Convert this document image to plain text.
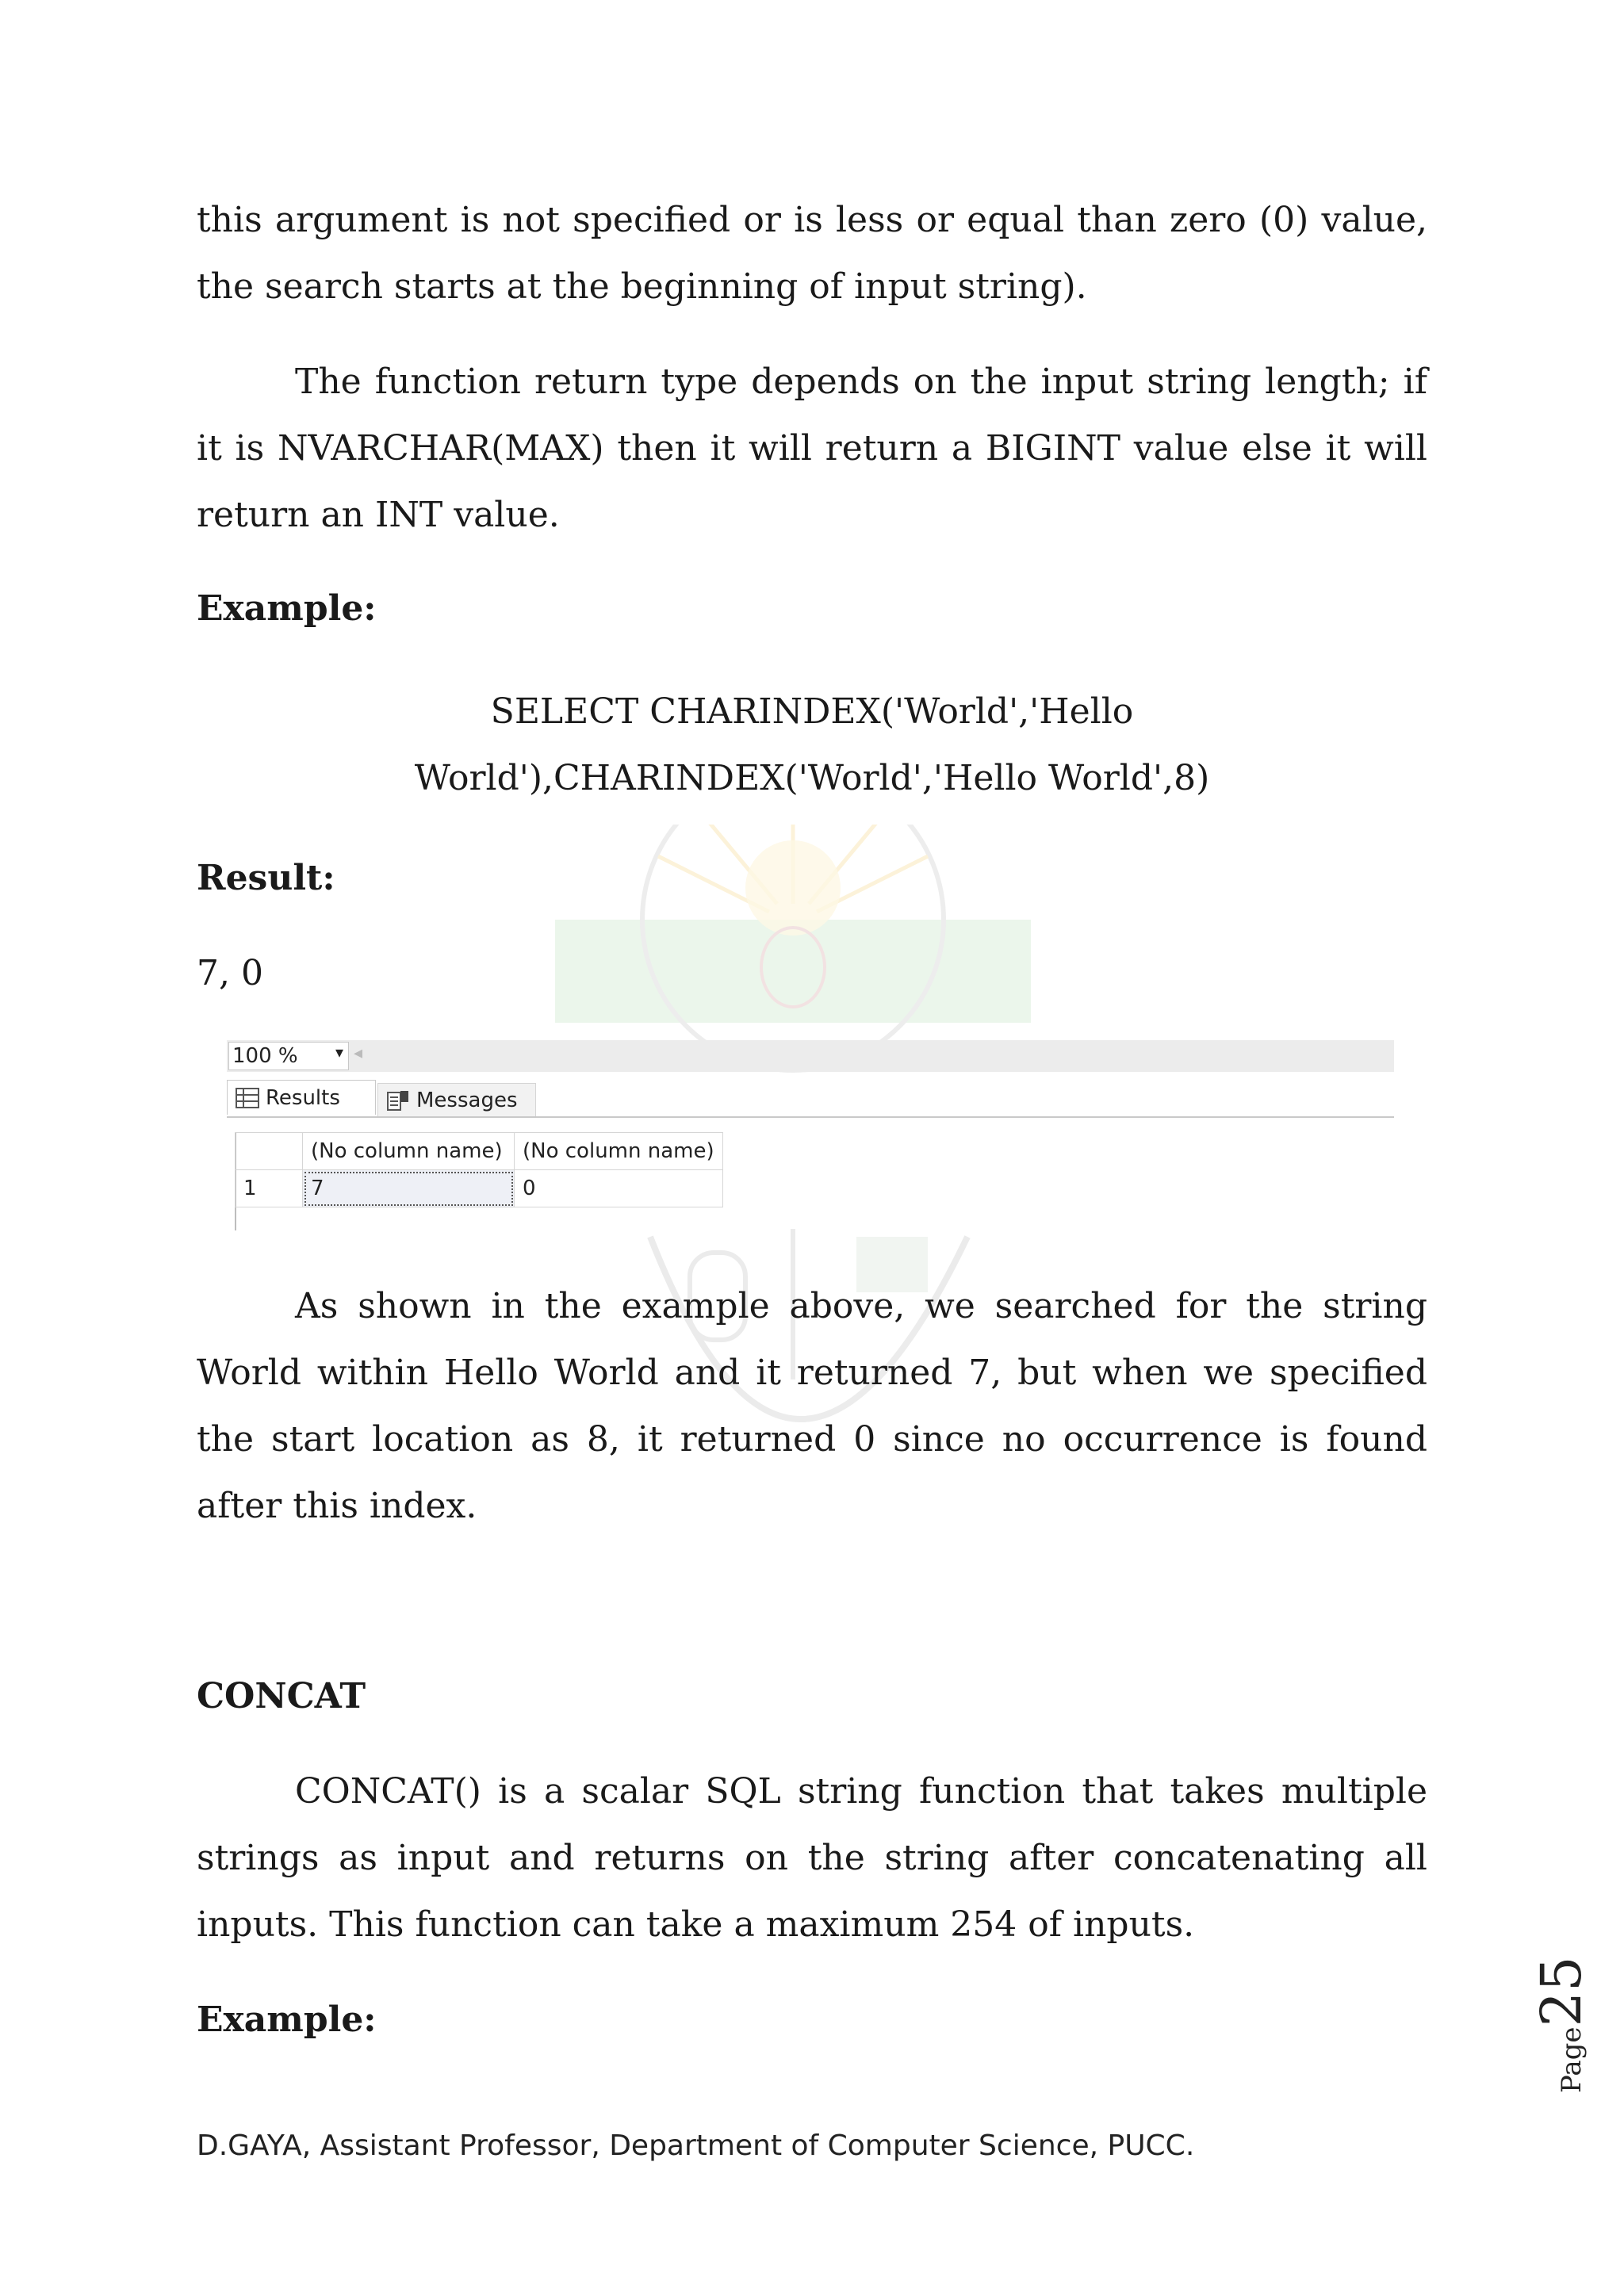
this argument is not specified or is less or equal than zero (0) value, the search starts at the beginning of input string).

The function return type depends on the input string length; if it is NVARCHAR(MAX) then it will return a BIGINT value else it will return an INT value.

Example:

SELECT CHARINDEX('World','Hello World'),CHARINDEX('World','Hello World',8)

Result:

7, 0

100 % ▾ ◂
Results	Messages
	(No column name)	(No column name)
1	7	0

As shown in the example above, we searched for the string World within Hello World and it returned 7, but when we specified the start location as 8, it returned 0 since no occurrence is found after this index.

CONCAT

CONCAT() is a scalar SQL string function that takes multiple strings as input and returns on the string after concatenating all inputs. This function can take a maximum 254 of inputs.

Example:
D.GAYA, Assistant Professor, Department of Computer Science, PUCC.
Page25
